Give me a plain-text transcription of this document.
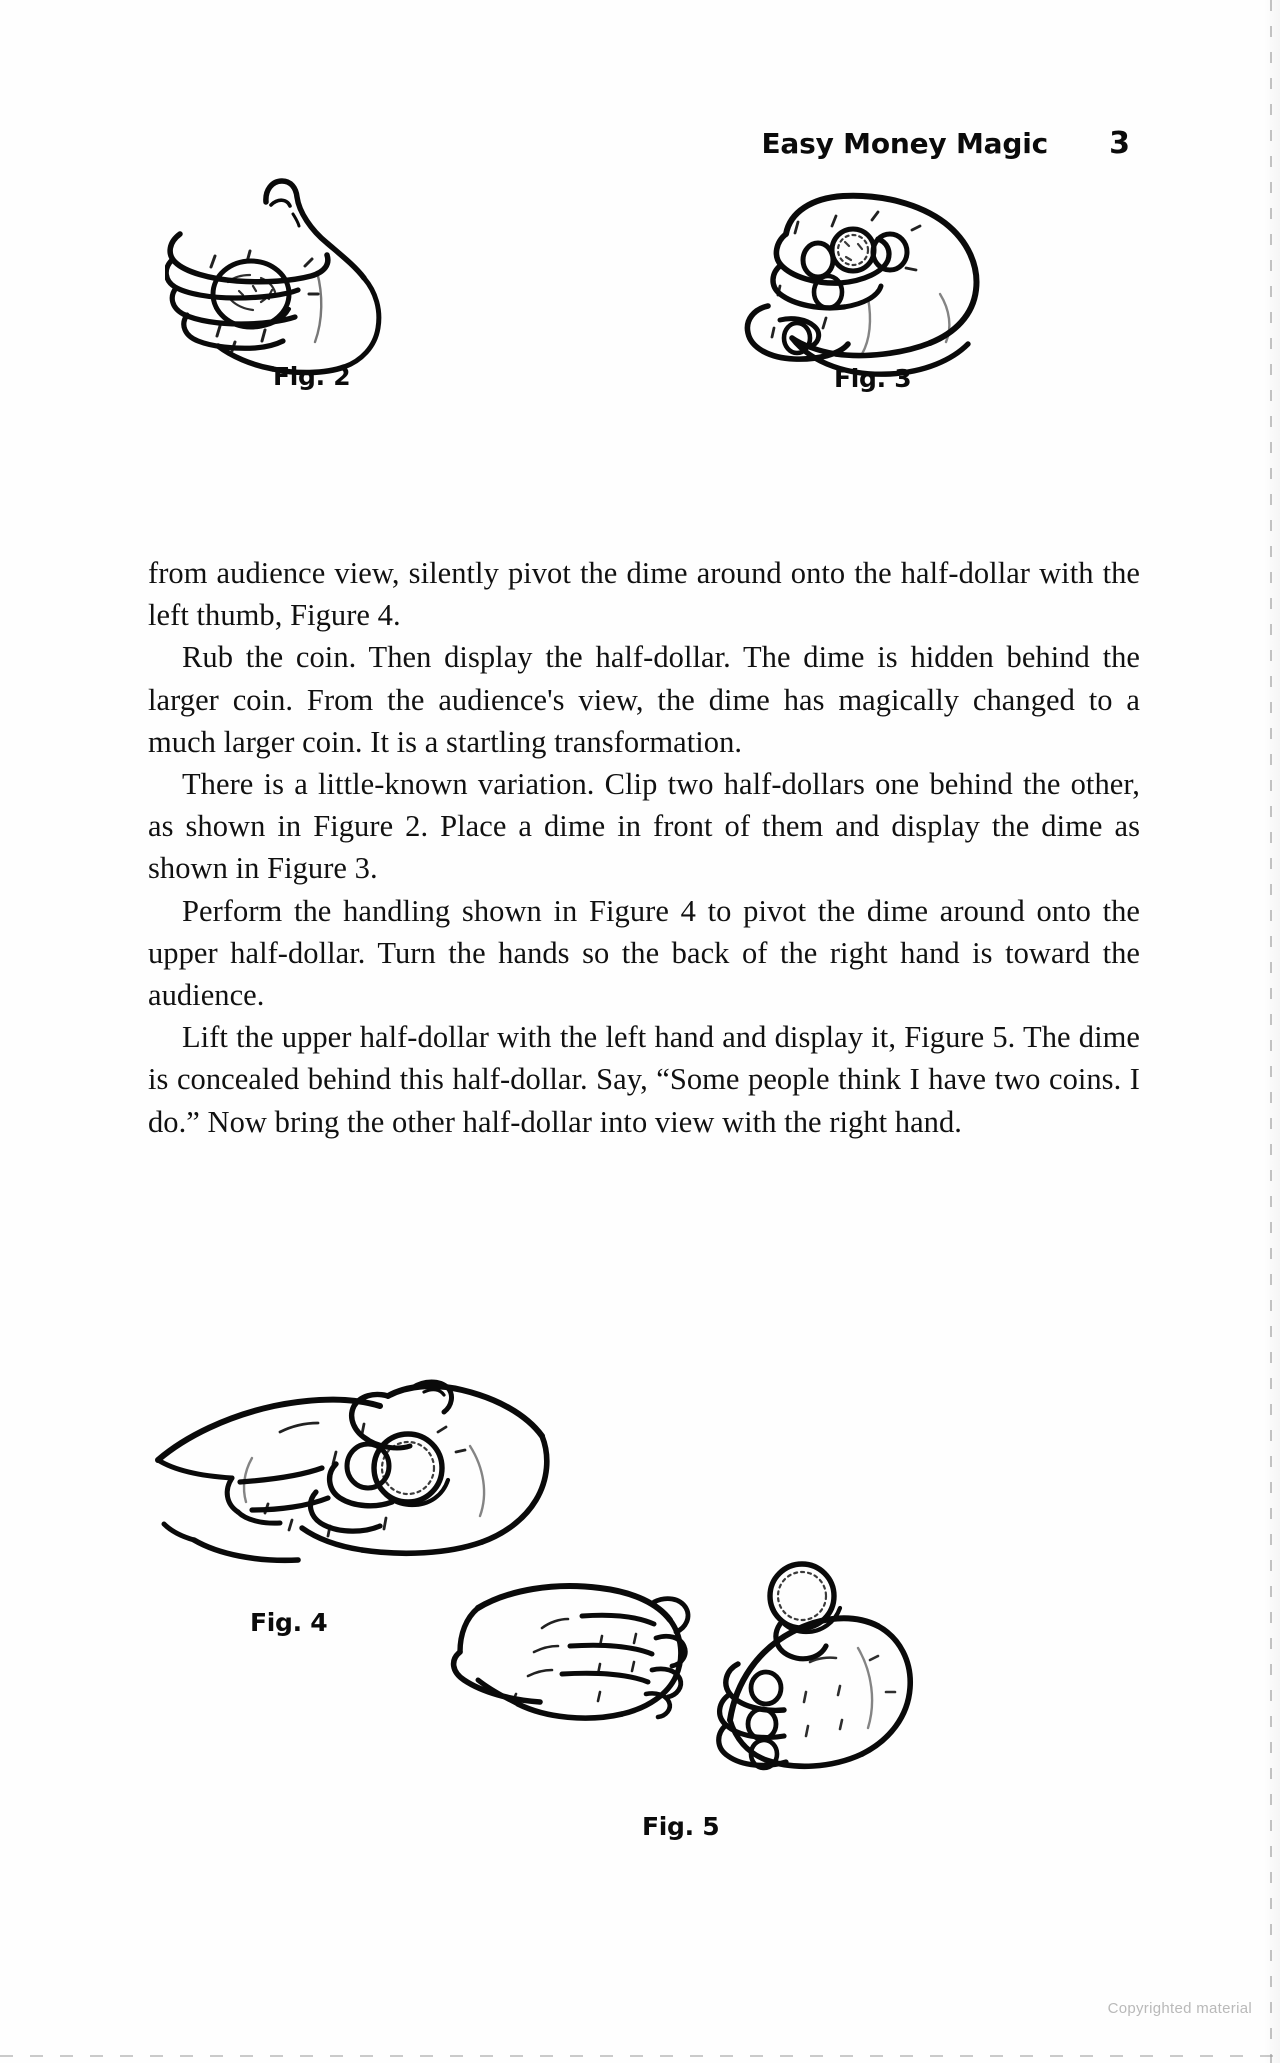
Easy Money Magic 3
Fig. 2	Fig. 3

from audience view, silently pivot the dime around onto the half-dollar with the left thumb, Figure 4.

Rub the coin. Then display the half-dollar. The dime is hidden behind the larger coin. From the audience's view, the dime has magically changed to a much larger coin. It is a startling transformation.

There is a little-known variation. Clip two half-dollars one behind the other, as shown in Figure 2. Place a dime in front of them and display the dime as shown in Figure 3.

Perform the handling shown in Figure 4 to pivot the dime around onto the upper half-dollar. Turn the hands so the back of the right hand is toward the audience.

Lift the upper half-dollar with the left hand and display it, Figure 5. The dime is concealed behind this half-dollar. Say, “Some people think I have two coins. I do.” Now bring the other half-dollar into view with the right hand.

Fig. 4
Fig. 5
Copyrighted material
